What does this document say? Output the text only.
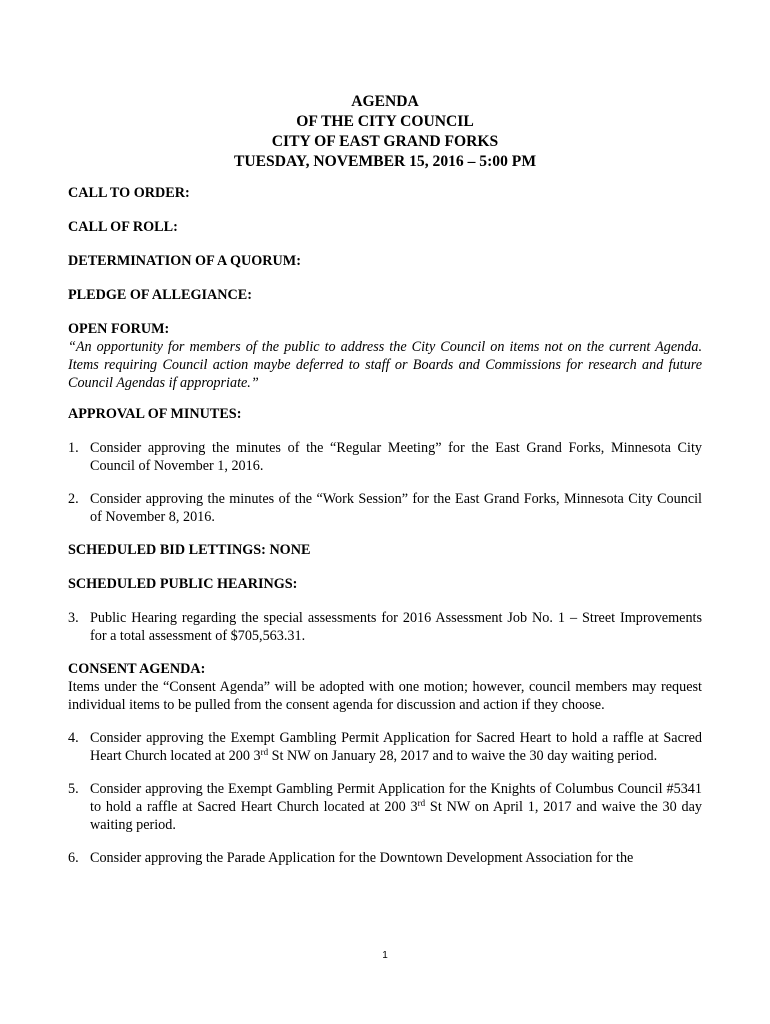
AGENDA
OF THE CITY COUNCIL
CITY OF EAST GRAND FORKS
TUESDAY, NOVEMBER 15, 2016 – 5:00 PM

CALL TO ORDER:

CALL OF ROLL:

DETERMINATION OF A QUORUM:

PLEDGE OF ALLEGIANCE:

OPEN FORUM:

“An opportunity for members of the public to address the City Council on items not on the current Agenda. Items requiring Council action maybe deferred to staff or Boards and Commissions for research and future Council Agendas if appropriate.”

APPROVAL OF MINUTES:

1. Consider approving the minutes of the “Regular Meeting” for the East Grand Forks, Minnesota City Council of November 1, 2016.
2. Consider approving the minutes of the “Work Session” for the East Grand Forks, Minnesota City Council of November 8, 2016.

SCHEDULED BID LETTINGS: NONE

SCHEDULED PUBLIC HEARINGS:

3. Public Hearing regarding the special assessments for 2016 Assessment Job No. 1 – Street Improvements for a total assessment of $705,563.31.

CONSENT AGENDA:

Items under the “Consent Agenda” will be adopted with one motion; however, council members may request individual items to be pulled from the consent agenda for discussion and action if they choose.

4. Consider approving the Exempt Gambling Permit Application for Sacred Heart to hold a raffle at Sacred Heart Church located at 200 3rd St NW on January 28, 2017 and to waive the 30 day waiting period.
5. Consider approving the Exempt Gambling Permit Application for the Knights of Columbus Council #5341 to hold a raffle at Sacred Heart Church located at 200 3rd St NW on April 1, 2017 and waive the 30 day waiting period.
6. Consider approving the Parade Application for the Downtown Development Association for the
1
